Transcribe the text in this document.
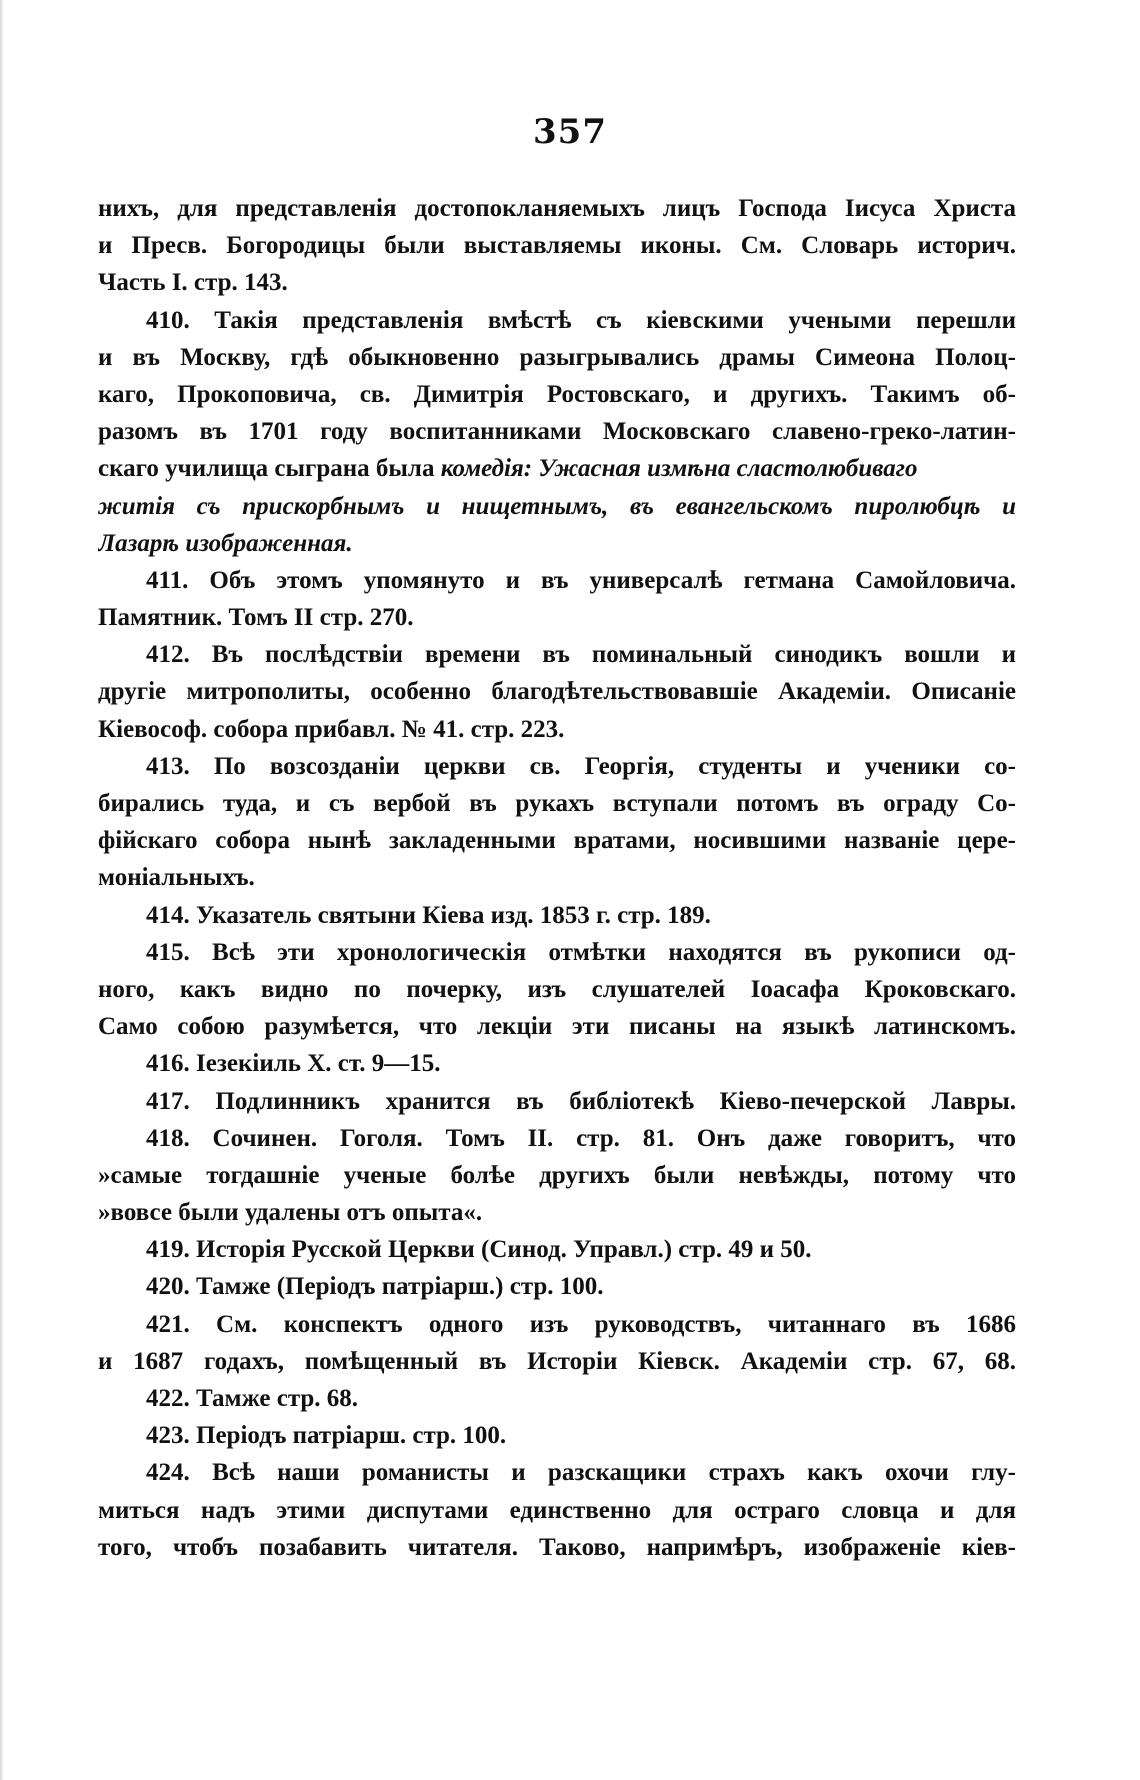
357
нихъ, для представленія достопокланяемыхъ лицъ Господа Іисуса Христа
и Пресв. Богородицы были выставляемы иконы. См. Словарь историч.
Часть І. стр. 143.
410. Такія представленія вмѣстѣ съ кіевскими учеными перешли
и въ Москву, гдѣ обыкновенно разыгрывались драмы Симеона Полоц-
каго, Прокоповича, св. Димитрія Ростовскаго, и другихъ. Такимъ об-
разомъ въ 1701 году воспитанниками Московскаго славено-греко-латин-
скаго училища сыграна была комедія: Ужасная измѣна сластолюбиваго
житія съ прискорбнымъ и нищетнымъ, въ евангельскомъ пиролюбцѣ и
Лазарѣ изображенная.
411. Объ этомъ упомянуто и въ универсалѣ гетмана Самойловича.
Памятник. Томъ II стр. 270.
412. Въ послѣдствіи времени въ поминальный синодикъ вошли и
другіе митрополиты, особенно благодѣтельствовавшіе Академіи. Описаніе
Кіевософ. собора прибавл. № 41. стр. 223.
413. По возсозданіи церкви св. Георгія, студенты и ученики со-
бирались туда, и съ вербой въ рукахъ вступали потомъ въ ограду Со-
фійскаго собора нынѣ закладенными вратами, носившими названіе цере-
моніальныхъ.
414. Указатель святыни Кіева изд. 1853 г. стр. 189.
415. Всѣ эти хронологическія отмѣтки находятся въ рукописи од-
ного, какъ видно по почерку, изъ слушателей Іоасафа Кроковскаго.
Само собою разумѣется, что лекціи эти писаны на языкѣ латинскомъ.
416. Іезекіиль X. ст. 9—15.
417. Подлинникъ хранится въ библіотекѣ Кіево-печерской Лавры.
418. Сочинен. Гоголя. Томъ II. стр. 81. Онъ даже говоритъ, что
»самые тогдашніе ученые болѣе другихъ были невѣжды, потому что
»вовсе были удалены отъ опыта«.
419. Исторія Русской Церкви (Синод. Управл.) стр. 49 и 50.
420. Тамже (Періодъ патріарш.) стр. 100.
421. См. конспектъ одного изъ руководствъ, читаннаго въ 1686
и 1687 годахъ, помѣщенный въ Исторіи Кіевск. Академіи стр. 67, 68.
422. Тамже стр. 68.
423. Періодъ патріарш. стр. 100.
424. Всѣ наши романисты и разскащики страхъ какъ охочи глу-
миться надъ этими диспутами единственно для остраго словца и для
того, чтобъ позабавить читателя. Таково, напримѣръ, изображеніе кіев-
